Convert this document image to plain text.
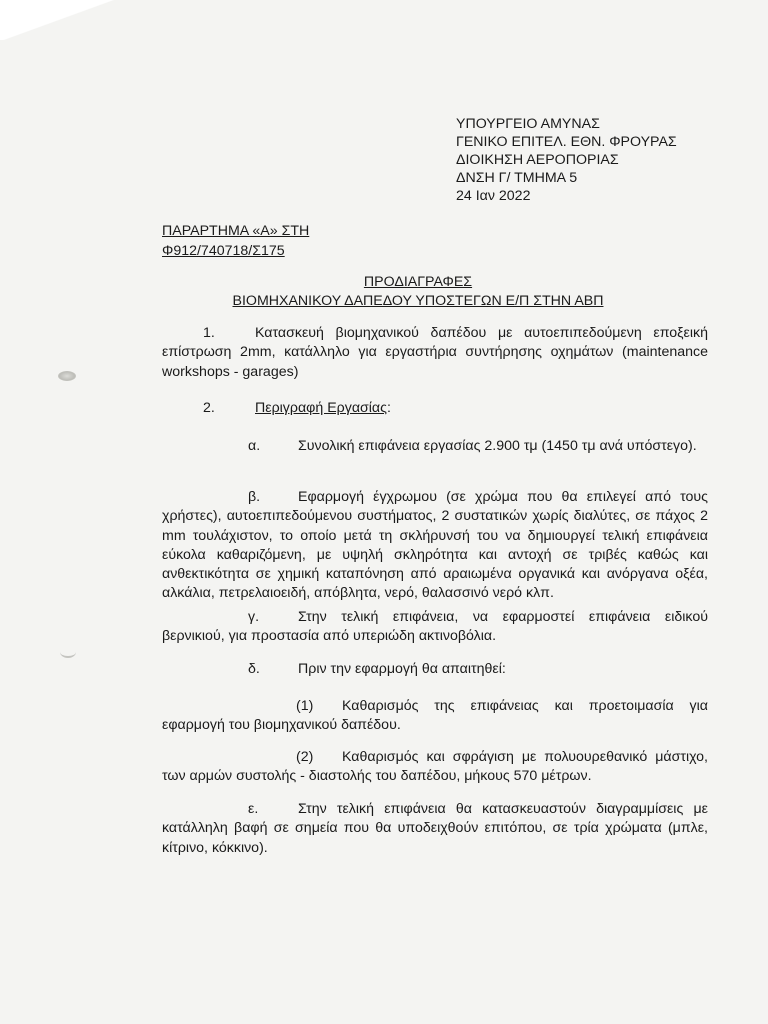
ΥΠΟΥΡΓΕΙΟ ΑΜΥΝΑΣ
ΓΕΝΙΚΟ ΕΠΙΤΕΛ. ΕΘΝ. ΦΡΟΥΡΑΣ
ΔΙΟΙΚΗΣΗ ΑΕΡΟΠΟΡΙΑΣ
ΔΝΣΗ Γ/ ΤΜΗΜΑ 5
24 Ιαν 2022
ΠΑΡΑΡΤΗΜΑ «Α» ΣΤΗ
Φ912/740718/Σ175
ΠΡΟΔΙΑΓΡΑΦΕΣ
ΒΙΟΜΗΧΑΝΙΚΟΥ ΔΑΠΕΔΟΥ ΥΠΟΣΤΕΓΩΝ Ε/Π ΣΤΗΝ ΑΒΠ
1.	Κατασκευή βιομηχανικού δαπέδου με αυτοεπιπεδούμενη εποξεική επίστρωση 2mm, κατάλληλο για εργαστήρια συντήρησης οχημάτων (maintenance workshops - garages)
2.	Περιγραφή Εργασίας:
α.	Συνολική επιφάνεια εργασίας 2.900 τμ (1450 τμ ανά υπόστεγο).
β.	Εφαρμογή έγχρωμου (σε χρώμα που θα επιλεγεί από τους χρήστες), αυτοεπιπεδούμενου συστήματος, 2 συστατικών χωρίς διαλύτες, σε πάχος 2 mm τουλάχιστον, το οποίο μετά τη σκλήρυνσή του να δημιουργεί τελική επιφάνεια εύκολα καθαριζόμενη, με υψηλή σκληρότητα και αντοχή σε τριβές καθώς και ανθεκτικότητα σε χημική καταπόνηση από αραιωμένα οργανικά και ανόργανα οξέα, αλκάλια, πετρελαιοειδή, απόβλητα, νερό, θαλασσινό νερό κλπ.
γ.	Στην τελική επιφάνεια, να εφαρμοστεί επιφάνεια ειδικού βερνικιού, για προστασία από υπεριώδη ακτινοβόλια.
δ.	Πριν την εφαρμογή θα απαιτηθεί:
(1) Καθαρισμός της επιφάνειας και προετοιμασία για εφαρμογή του βιομηχανικού δαπέδου.
(2) Καθαρισμός και σφράγιση με πολυουρεθανικό μάστιχο, των αρμών συστολής - διαστολής του δαπέδου, μήκους 570 μέτρων.
ε.	Στην τελική επιφάνεια θα κατασκευαστούν διαγραμμίσεις με κατάλληλη βαφή σε σημεία που θα υποδειχθούν επιτόπου, σε τρία χρώματα (μπλε, κίτρινο, κόκκινο).
